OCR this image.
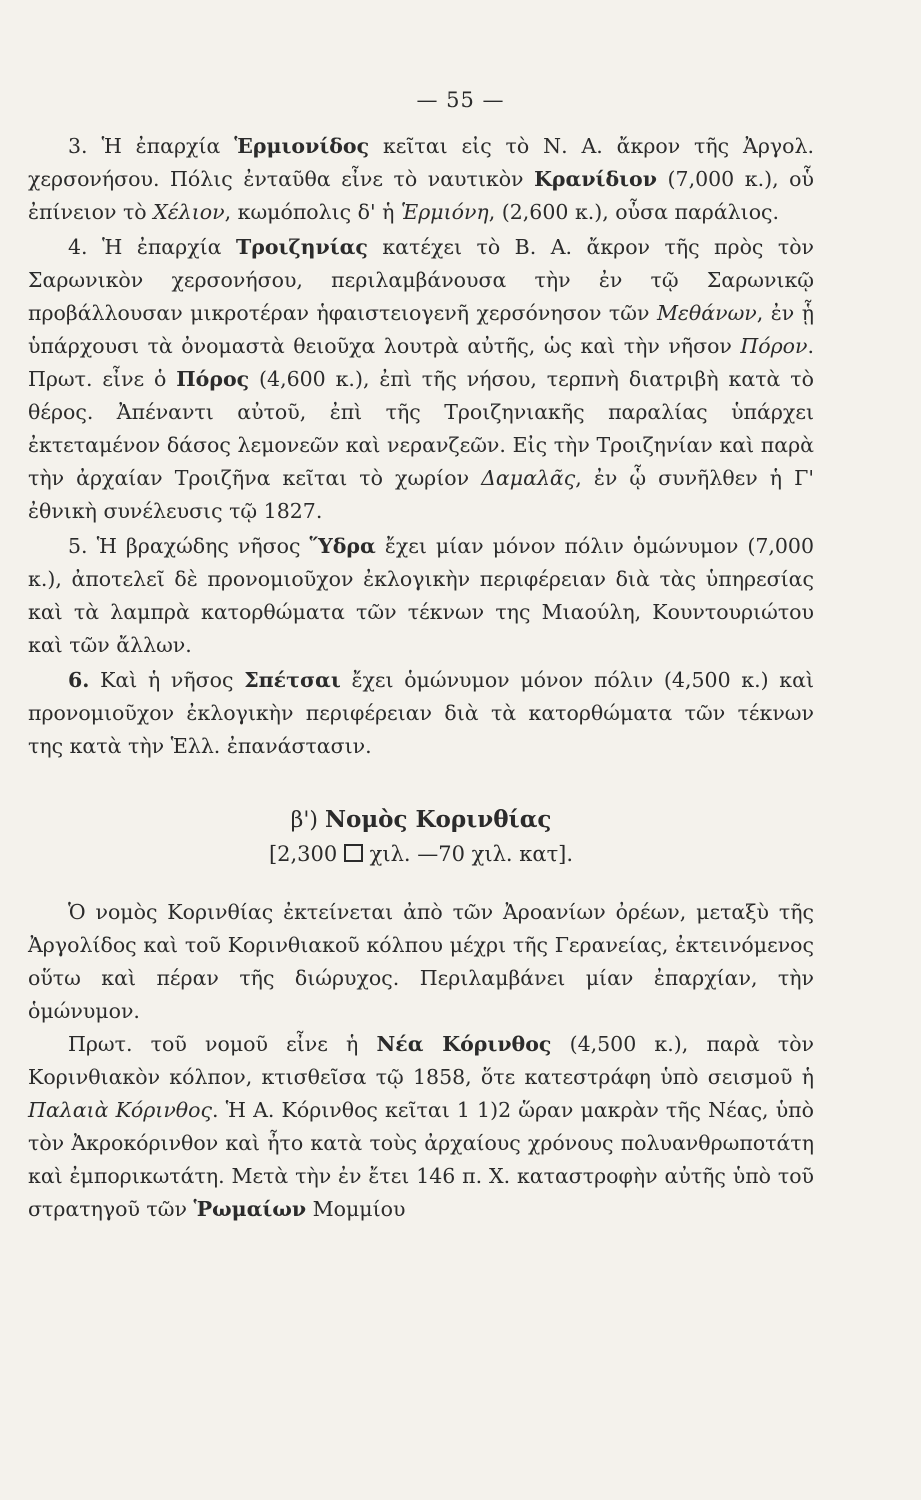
— 55 —

3. Ἡ ἐπαρχία Ἑρμιονίδος κεῖται εἰς τὸ Ν. Α. ἄκρον τῆς Ἀργολ. χερσονήσου. Πόλις ἐνταῦθα εἶνε τὸ ναυτικὸν Κρανίδιον (7,000 κ.), οὗ ἐπίνειον τὸ Χέλιον, κωμόπολις δ' ἡ Ἑρμιόνη, (2,600 κ.), οὖσα παράλιος.

4. Ἡ ἐπαρχία Τροιζηνίας κατέχει τὸ Β. Α. ἄκρον τῆς πρὸς τὸν Σαρωνικὸν χερσονήσου, περιλαμβάνουσα τὴν ἐν τῷ Σαρωνικῷ προβάλλουσαν μικροτέραν ἡφαιστειογενῆ χερσόνησον τῶν Μεθάνων, ἐν ᾗ ὑπάρχουσι τὰ ὀνομαστὰ θειοῦχα λουτρὰ αὐτῆς, ὡς καὶ τὴν νῆσον Πόρον. Πρωτ. εἶνε ὁ Πόρος (4,600 κ.), ἐπὶ τῆς νήσου, τερπνὴ διατριβὴ κατὰ τὸ θέρος. Ἀπέναντι αὐτοῦ, ἐπὶ τῆς Τροιζηνιακῆς παραλίας ὑπάρχει ἐκτεταμένον δάσος λεμονεῶν καὶ νερανζεῶν. Εἰς τὴν Τροιζηνίαν καὶ παρὰ τὴν ἀρχαίαν Τροιζῆνα κεῖται τὸ χωρίον Δαμαλᾶς, ἐν ᾧ συνῆλθεν ἡ Γ' ἐθνικὴ συνέλευσις τῷ 1827.

5. Ἡ βραχώδης νῆσος Ὕδρα ἔχει μίαν μόνον πόλιν ὁμώνυμον (7,000 κ.), ἀποτελεῖ δὲ προνομιοῦχον ἐκλογικὴν περιφέρειαν διὰ τὰς ὑπηρεσίας καὶ τὰ λαμπρὰ κατορθώματα τῶν τέκνων της Μιαούλη, Κουντουριώτου καὶ τῶν ἄλλων.

6. Καὶ ἡ νῆσος Σπέτσαι ἔχει ὁμώνυμον μόνον πόλιν (4,500 κ.) καὶ προνομιοῦχον ἐκλογικὴν περιφέρειαν διὰ τὰ κατορθώματα τῶν τέκνων της κατὰ τὴν Ἑλλ. ἐπανάστασιν.

β') Νομὸς Κορινθίας
[2,300 χιλ. —70 χιλ. κατ].

Ὁ νομὸς Κορινθίας ἐκτείνεται ἀπὸ τῶν Ἀροανίων ὀρέων, μεταξὺ τῆς Ἀργολίδος καὶ τοῦ Κορινθιακοῦ κόλπου μέχρι τῆς Γερανείας, ἐκτεινόμενος οὕτω καὶ πέραν τῆς διώρυχος. Περιλαμβάνει μίαν ἐπαρχίαν, τὴν ὁμώνυμον.

Πρωτ. τοῦ νομοῦ εἶνε ἡ Νέα Κόρινθος (4,500 κ.), παρὰ τὸν Κορινθιακὸν κόλπον, κτισθεῖσα τῷ 1858, ὅτε κατεστράφη ὑπὸ σεισμοῦ ἡ Παλαιὰ Κόρινθος. Ἡ Α. Κόρινθος κεῖται 1 1)2 ὥραν μακρὰν τῆς Νέας, ὑπὸ τὸν Ἀκροκόρινθον καὶ ἦτο κατὰ τοὺς ἀρχαίους χρόνους πολυανθρωποτάτη καὶ ἐμπορικωτάτη. Μετὰ τὴν ἐν ἔτει 146 π. Χ. καταστροφὴν αὐτῆς ὑπὸ τοῦ στρατηγοῦ τῶν Ῥωμαίων Μομμίου
